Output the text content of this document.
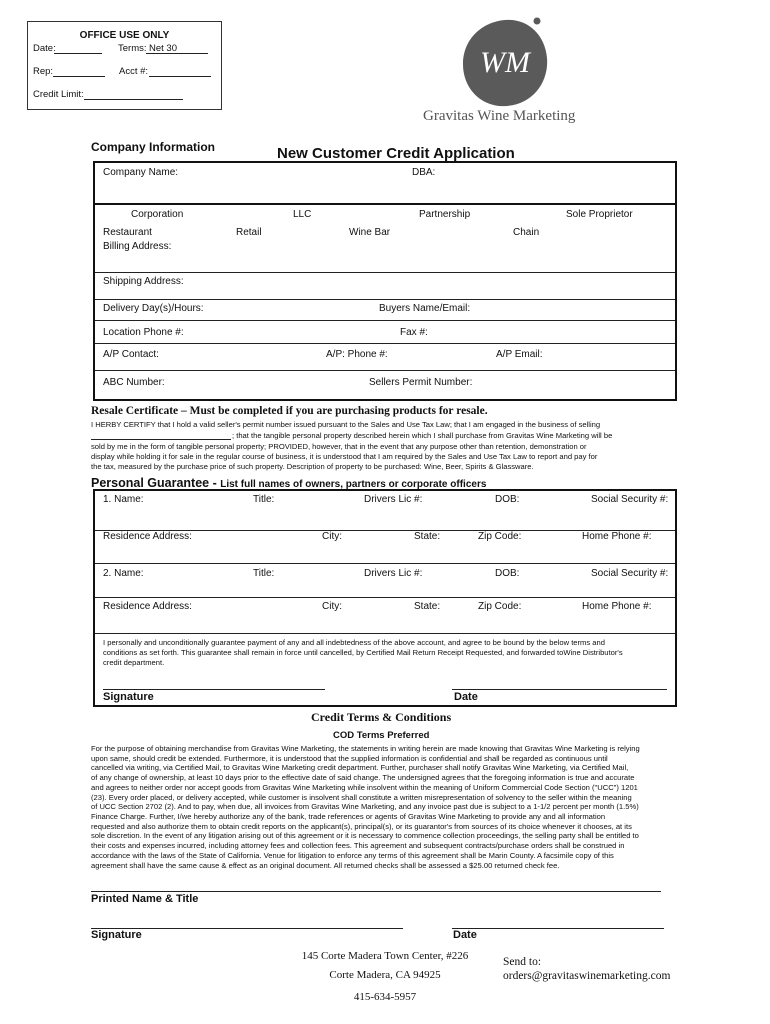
OFFICE USE ONLY
Date:	Terms: Net 30
Rep:	Acct #:
Credit Limit:
WM
Gravitas Wine Marketing
Company Information	New Customer Credit Application
Company Name:	DBA:
Corporation	LLC	Partnership	Sole Proprietor
Restaurant	Retail	Wine Bar	Chain
Billing Address:
Shipping Address:
Delivery Day(s)/Hours:	Buyers Name/Email:
Location Phone #:	Fax #:
A/P Contact:	A/P: Phone #:	A/P Email:
ABC Number:	Sellers Permit Number:
Resale Certificate – Must be completed if you are purchasing products for resale.
I HERBY CERTIFY that I hold a valid seller's permit number issued pursuant to the Sales and Use Tax Law; that I am engaged in the business of selling
; that the tangible personal property described herein which I shall purchase from Gravitas Wine Marketing will be
sold by me in the form of tangible personal property; PROVIDED, however, that in the event that any purpose other than retention, demonstration or
display while holding it for sale in the regular course of business, it is understood that I am required by the Sales and Use Tax Law to report and pay for
the tax, measured by the purchase price of such property. Description of property to be purchased: Wine, Beer, Spirits & Glassware.
Personal Guarantee - List full names of owners, partners or corporate officers
1. Name:	Title:	Drivers Lic #:	DOB:	Social Security #:
Residence Address:	City:	State:	Zip Code:	Home Phone #:
2. Name:	Title:	Drivers Lic #:	DOB:	Social Security #:
Residence Address:	City:	State:	Zip Code:	Home Phone #:
I personally and unconditionally guarantee payment of any and all indebtedness of the above account, and agree to be bound by the below terms and
conditions as set forth. This guarantee shall remain in force until cancelled, by Certified Mail Return Receipt Requested, and forwarded toWine Distributor's
credit department.
Signature	Date
Credit Terms & Conditions
COD Terms Preferred
For the purpose of obtaining merchandise from Gravitas Wine Marketing, the statements in writing herein are made knowing that Gravitas Wine Marketing is relying
upon same, should credit be extended. Furthermore, it is understood that the supplied information is confidential and shall be regarded as continuous until
cancelled via writing, via Certified Mail, to Gravitas Wine Marketing credit department. Further, purchaser shall notify Gravitas Wine Marketing, via Certified Mail,
of any change of ownership, at least 10 days prior to the effective date of said change. The undersigned agrees that the foregoing information is true and accurate
and agrees to neither order nor accept goods from Gravitas Wine Marketing while insolvent within the meaning of Uniform Commercial Code Section ("UCC") 1201
(23). Every order placed, or delivery accepted, while customer is insolvent shall constitute a written misrepresentation of solvency to the seller within the meaning
of UCC Section 2702 (2). And to pay, when due, all invoices from Gravitas Wine Marketing, and any invoice past due is subject to a 1-1/2 percent per month (1.5%)
Finance Charge. Further, I/we hereby authorize any of the bank, trade references or agents of Gravitas Wine Marketing to provide any and all information
requested and also authorize them to obtain credit reports on the applicant(s), principal(s), or its guarantor's from sources of its choice whenever it chooses, at its
sole discretion. In the event of any litigation arising out of this agreement or it is necessary to commence collection proceedings, the selling party shall be entitled to
their costs and expenses incurred, including attorney fees and collection fees. This agreement and subsequent contracts/purchase orders shall be construed in
accordance with the laws of the State of California. Venue for litigation to enforce any terms of this agreement shall be Marin County. A facsimile copy of this
agreement shall have the same cause & effect as an original document. All returned checks shall be assessed a $25.00 returned check fee.
Printed Name & Title
Signature	Date
145 Corte Madera Town Center, #226
Corte Madera, CA 94925
415-634-5957
Send to:
orders@gravitaswinemarketing.com
